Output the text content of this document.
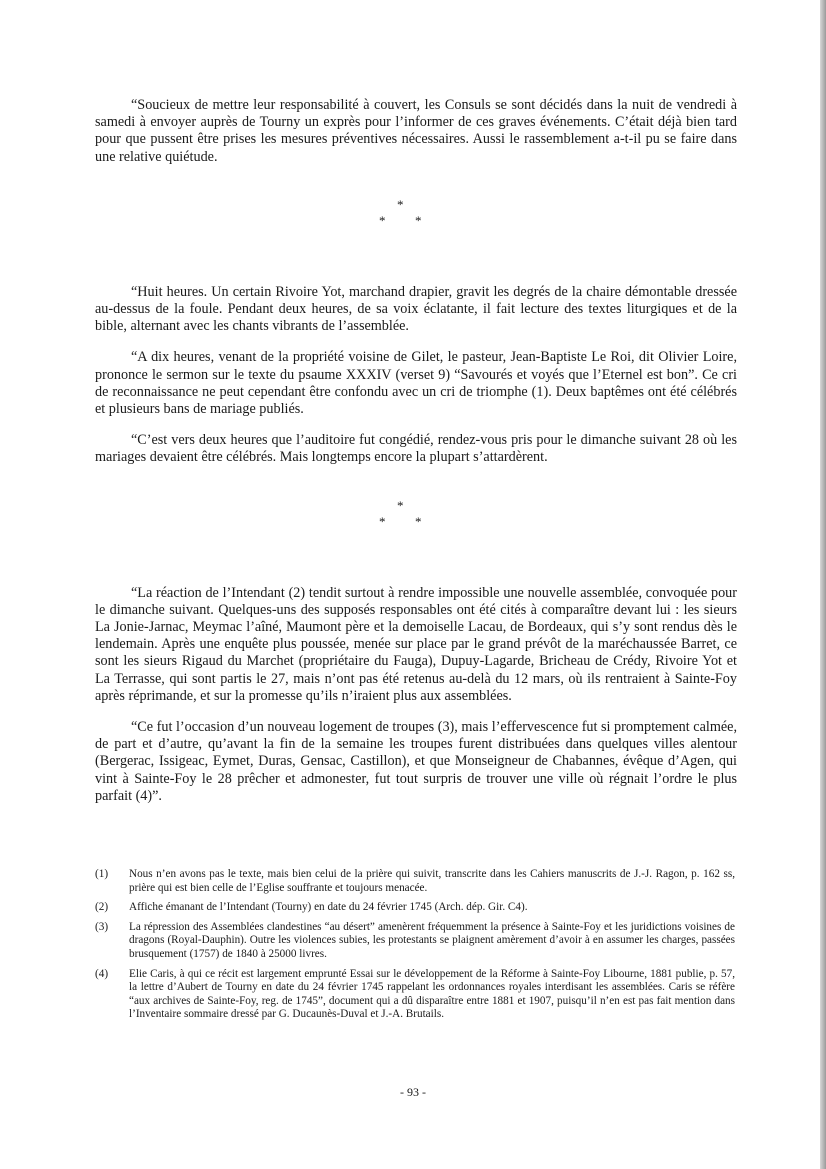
“Soucieux de mettre leur responsabilité à couvert, les Consuls se sont décidés dans la nuit de vendredi à samedi à envoyer auprès de Tourny un exprès pour l’informer de ces graves événements. C’était déjà bien tard pour que pussent être prises les mesures préventives nécessaires. Aussi le rassemblement a-t-il pu se faire dans une relative quiétude.

*
* *

“Huit heures. Un certain Rivoire Yot, marchand drapier, gravit les degrés de la chaire démontable dressée au-dessus de la foule. Pendant deux heures, de sa voix éclatante, il fait lecture des textes liturgiques et de la bible, alternant avec les chants vibrants de l’assemblée.

“A dix heures, venant de la propriété voisine de Gilet, le pasteur, Jean-Baptiste Le Roi, dit Olivier Loire, prononce le sermon sur le texte du psaume XXXIV (verset 9) “Savourés et voyés que l’Eternel est bon”. Ce cri de reconnaissance ne peut cependant être confondu avec un cri de triomphe (1). Deux baptêmes ont été célébrés et plusieurs bans de mariage publiés.

“C’est vers deux heures que l’auditoire fut congédié, rendez-vous pris pour le dimanche suivant 28 où les mariages devaient être célébrés. Mais longtemps encore la plupart s’attardèrent.

*
* *

“La réaction de l’Intendant (2) tendit surtout à rendre impossible une nouvelle assemblée, convoquée pour le dimanche suivant. Quelques-uns des supposés responsables ont été cités à comparaître devant lui : les sieurs La Jonie-Jarnac, Meymac l’aîné, Maumont père et la demoiselle Lacau, de Bordeaux, qui s’y sont rendus dès le lendemain. Après une enquête plus poussée, menée sur place par le grand prévôt de la maréchaussée Barret, ce sont les sieurs Rigaud du Marchet (propriétaire du Fauga), Dupuy-Lagarde, Bricheau de Crédy, Rivoire Yot et La Terrasse, qui sont partis le 27, mais n’ont pas été retenus au-delà du 12 mars, où ils rentraient à Sainte-Foy après réprimande, et sur la promesse qu’ils n’iraient plus aux assemblées.

“Ce fut l’occasion d’un nouveau logement de troupes (3), mais l’effervescence fut si promptement calmée, de part et d’autre, qu’avant la fin de la semaine les troupes furent distribuées dans quelques villes alentour (Bergerac, Issigeac, Eymet, Duras, Gensac, Castillon), et que Monseigneur de Chabannes, évêque d’Agen, qui vint à Sainte-Foy le 28 prêcher et admonester, fut tout surpris de trouver une ville où régnait l’ordre le plus parfait (4)”.

(1)	Nous n’en avons pas le texte, mais bien celui de la prière qui suivit, transcrite dans les Cahiers manuscrits de J.-J. Ragon, p. 162 ss, prière qui est bien celle de l’Eglise souffrante et toujours menacée.
(2)	Affiche émanant de l’Intendant (Tourny) en date du 24 février 1745 (Arch. dép. Gir. C4).
(3)	La répression des Assemblées clandestines “au désert” amenèrent fréquemment la présence à Sainte-Foy et les juridictions voisines de dragons (Royal-Dauphin). Outre les violences subies, les protestants se plaignent amèrement d’avoir à en assumer les charges, passées brusquement (1757) de 1840 à 25000 livres.
(4)	Elie Caris, à qui ce récit est largement emprunté Essai sur le développement de la Réforme à Sainte-Foy Libourne, 1881 publie, p. 57, la lettre d’Aubert de Tourny en date du 24 février 1745 rappelant les ordonnances royales interdisant les assemblées. Caris se réfère “aux archives de Sainte-Foy, reg. de 1745”, document qui a dû disparaître entre 1881 et 1907, puisqu’il n’en est pas fait mention dans l’Inventaire sommaire dressé par G. Ducaunès-Duval et J.-A. Brutails.
- 93 -
